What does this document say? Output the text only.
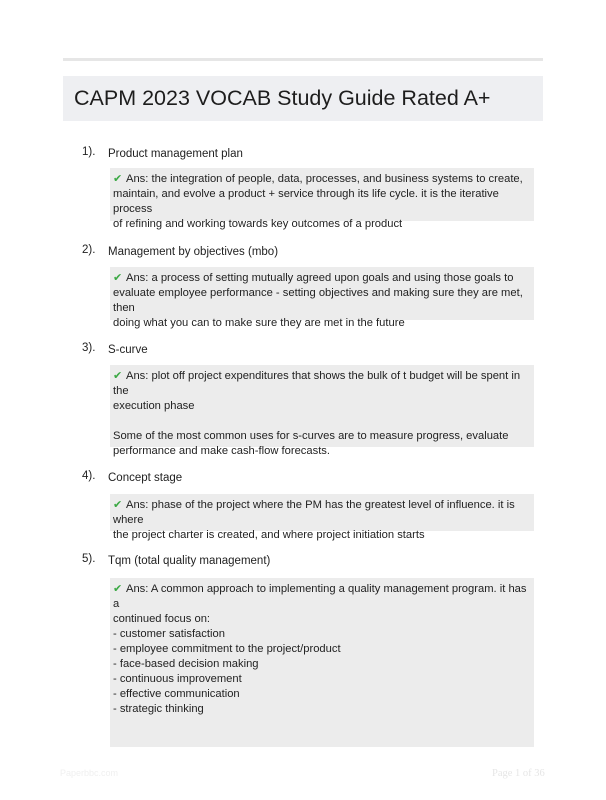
CAPM 2023 VOCAB Study Guide Rated A+
1). Product management plan

✔ Ans: the integration of people, data, processes, and business systems to create,

maintain, and evolve a product + service through its life cycle. it is the iterative process

of refining and working towards key outcomes of a product

2). Management by objectives (mbo)

✔ Ans: a process of setting mutually agreed upon goals and using those goals to

evaluate employee performance - setting objectives and making sure they are met, then

doing what you can to make sure they are met in the future

3). S-curve

✔ Ans: plot off project expenditures that shows the bulk of t budget will be spent in the

execution phase

Some of the most common uses for s-curves are to measure progress, evaluate

performance and make cash-flow forecasts.

4). Concept stage

✔ Ans: phase of the project where the PM has the greatest level of influence. it is where

the project charter is created, and where project initiation starts

5). Tqm (total quality management)

✔ Ans: A common approach to implementing a quality management program. it has a

continued focus on:

- customer satisfaction

- employee commitment to the project/product

- face-based decision making

- continuous improvement

- effective communication

- strategic thinking

Paperbbc.com	Page 1 of 36
